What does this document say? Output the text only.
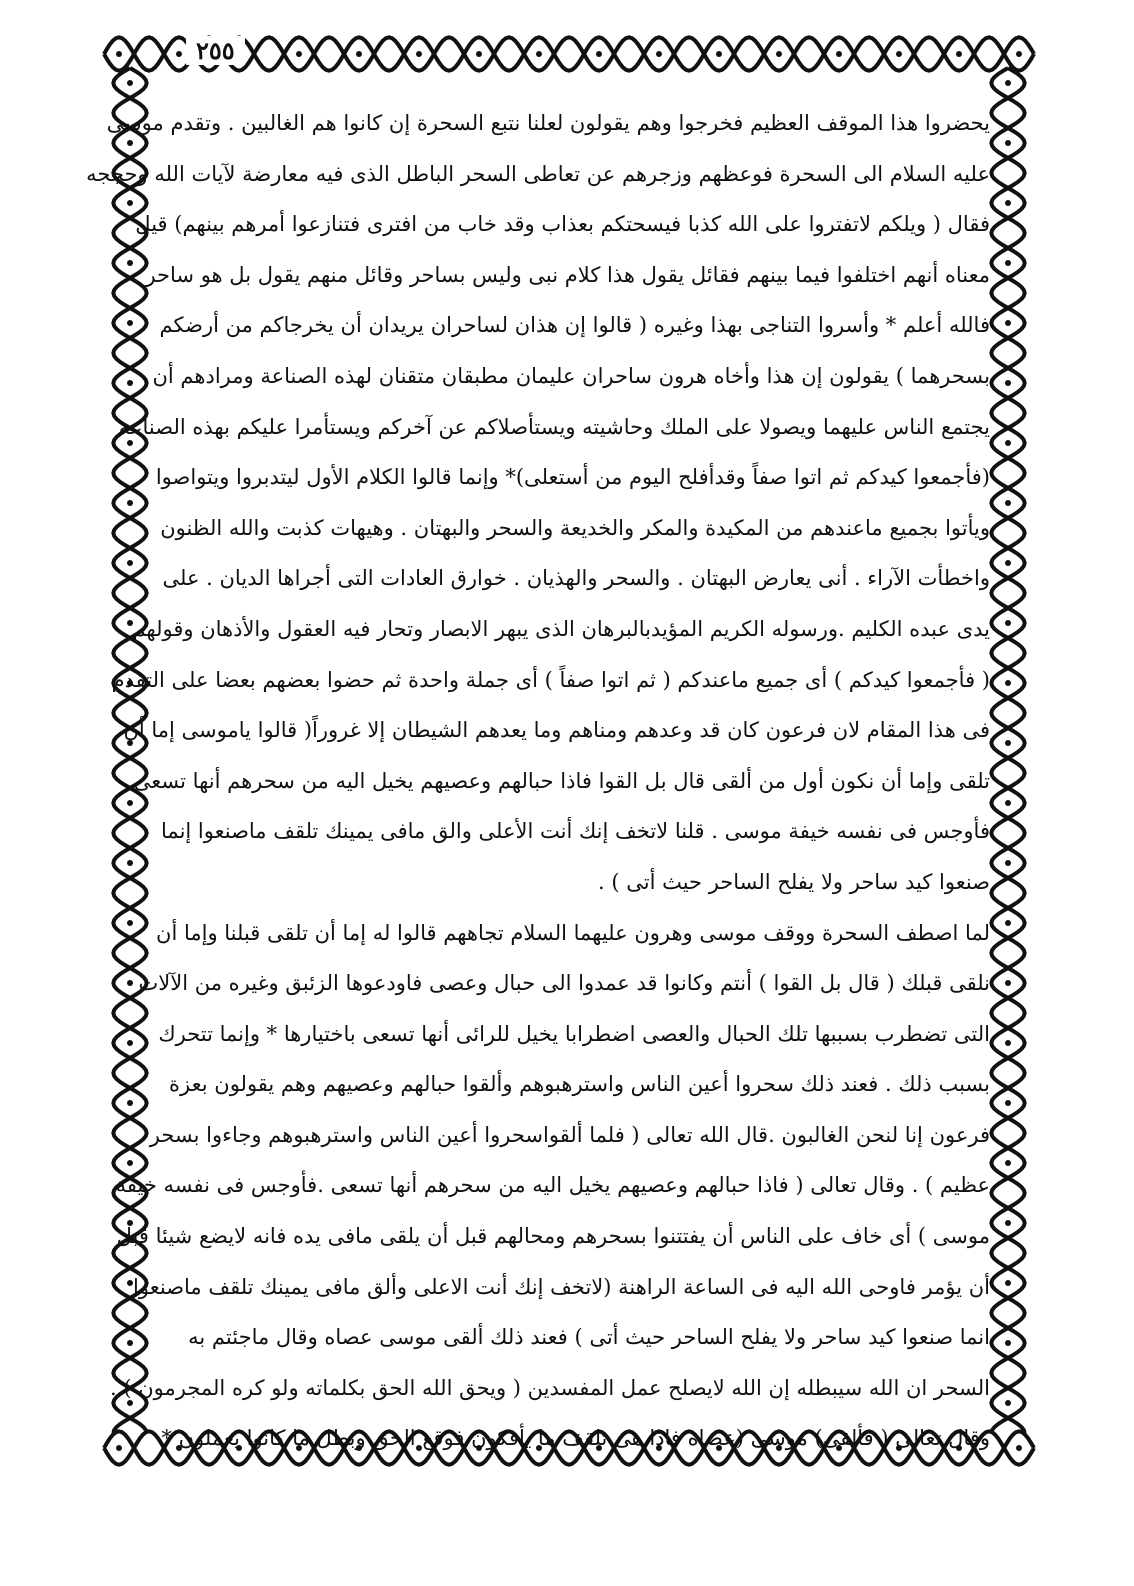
٢٥٥
يحضروا هذا الموقف العظيم فخرجوا وهم يقولون لعلنا نتبع السحرة إن كانوا هم الغالبين . وتقدم موسى
عليه السلام الى السحرة فوعظهم وزجرهم عن تعاطى السحر الباطل الذى فيه معارضة لآيات الله وحججه
فقال ( ويلكم لاتفتروا على الله كذبا فيسحتكم بعذاب وقد خاب من افترى فتنازعوا أمرهم بينهم) قيل
معناه أنهم اختلفوا فيما بينهم فقائل يقول هذا كلام نبى وليس بساحر وقائل منهم يقول بل هو ساحر
فالله أعلم * وأسروا التناجى بهذا وغيره ( قالوا إن هذان لساحران يريدان أن يخرجاكم من أرضكم
بسحرهما ) يقولون إن هذا وأخاه هرون ساحران عليمان مطبقان متقنان لهذه الصناعة ومرادهم أن
يجتمع الناس عليهما ويصولا على الملك وحاشيته ويستأصلاكم عن آخركم ويستأمرا عليكم بهذه الصناعة
(فأجمعوا كيدكم ثم اتوا صفاً وقدأفلح اليوم من أستعلى)* وإنما قالوا الكلام الأول ليتدبروا ويتواصوا
ويأتوا بجميع ماعندهم من المكيدة والمكر والخديعة والسحر والبهتان . وهيهات كذبت والله الظنون
واخطأت الآراء . أنى يعارض البهتان . والسحر والهذيان . خوارق العادات التى أجراها الديان . على
يدى عبده الكليم .ورسوله الكريم المؤيدبالبرهان الذى يبهر الابصار وتحار فيه العقول والأذهان وقولهم
( فأجمعوا كيدكم ) أى جميع ماعندكم ( ثم اتوا صفاً ) أى جملة واحدة ثم حضوا بعضهم بعضا على التقدم
فى هذا المقام لان فرعون كان قد وعدهم ومناهم وما يعدهم الشيطان إلا غروراً( قالوا ياموسى إما أن
تلقى وإما أن نكون أول من ألقى قال بل القوا فاذا حبالهم وعصيهم يخيل اليه من سحرهم أنها تسعى
فأوجس فى نفسه خيفة موسى . قلنا لاتخف إنك أنت الأعلى والق مافى يمينك تلقف ماصنعوا إنما
صنعوا كيد ساحر ولا يفلح الساحر حيث أتى ) .
لما اصطف السحرة ووقف موسى وهرون عليهما السلام تجاههم قالوا له إما أن تلقى قبلنا وإما أن
نلقى قبلك ( قال بل القوا ) أنتم وكانوا قد عمدوا الى حبال وعصى فاودعوها الزئبق وغيره من الآلات
التى تضطرب بسببها تلك الحبال والعصى اضطرابا يخيل للرائى أنها تسعى باختيارها * وإنما تتحرك
بسبب ذلك . فعند ذلك سحروا أعين الناس واسترهبوهم وألقوا حبالهم وعصيهم وهم يقولون بعزة
فرعون إنا لنحن الغالبون .قال الله تعالى ( فلما ألقواسحروا أعين الناس واسترهبوهم وجاءوا بسحر
عظيم ) . وقال تعالى ( فاذا حبالهم وعصيهم يخيل اليه من سحرهم أنها تسعى .فأوجس فى نفسه خيفة
موسى ) أى خاف على الناس أن يفتتنوا بسحرهم ومحالهم قبل أن يلقى مافى يده فانه لايضع شيئا قبل
أن يؤمر فاوحى الله اليه فى الساعة الراهنة (لاتخف إنك أنت الاعلى وألق مافى يمينك تلقف ماصنعوا
انما صنعوا كيد ساحر ولا يفلح الساحر حيث أتى ) فعند ذلك ألقى موسى عصاه وقال ماجئتم به
السحر ان الله سيبطله إن الله لايصلح عمل المفسدين ( ويحق الله الحق بكلماته ولو كره المجرمون ) .
وقال تعالى ( فألقى) موسى (عصاه فاذا هى تلقف ما يأفكون فوقع الحق وبطل ما كانوا يعملون *
